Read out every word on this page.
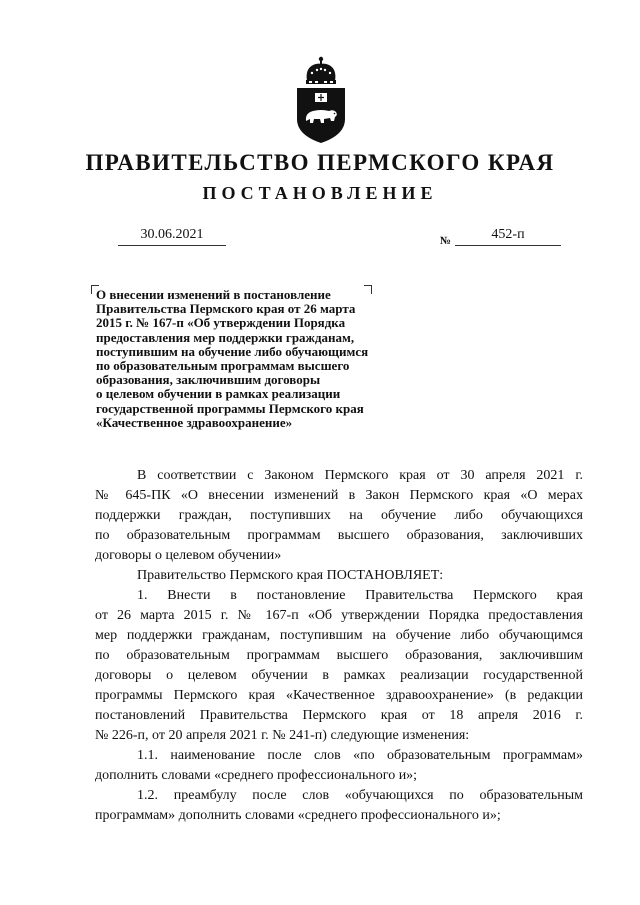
ПРАВИТЕЛЬСТВО ПЕРМСКОГО КРАЯ
ПОСТАНОВЛЕНИЕ
30.06.2021	№	452-п
О внесении изменений в постановление
Правительства Пермского края от 26 марта
2015 г. № 167-п «Об утверждении Порядка
предоставления мер поддержки гражданам,
поступившим на обучение либо обучающимся
по образовательным программам высшего
образования, заключившим договоры
о целевом обучении в рамках реализации
государственной программы Пермского края
«Качественное здравоохранение»
В соответствии с Законом Пермского края от 30 апреля 2021 г.
№ 645-ПК «О внесении изменений в Закон Пермского края «О мерах
поддержки граждан, поступивших на обучение либо обучающихся
по образовательным программам высшего образования, заключивших
договоры о целевом обучении»
Правительство Пермского края ПОСТАНОВЛЯЕТ:
1. Внести в постановление Правительства Пермского края
от 26 марта 2015 г. № 167-п «Об утверждении Порядка предоставления
мер поддержки гражданам, поступившим на обучение либо обучающимся
по образовательным программам высшего образования, заключившим
договоры о целевом обучении в рамках реализации государственной
программы Пермского края «Качественное здравоохранение» (в редакции
постановлений Правительства Пермского края от 18 апреля 2016 г.
№ 226-п, от 20 апреля 2021 г. № 241-п) следующие изменения:
1.1. наименование после слов «по образовательным программам»
дополнить словами «среднего профессионального и»;
1.2. преамбулу после слов «обучающихся по образовательным
программам» дополнить словами «среднего профессионального и»;
